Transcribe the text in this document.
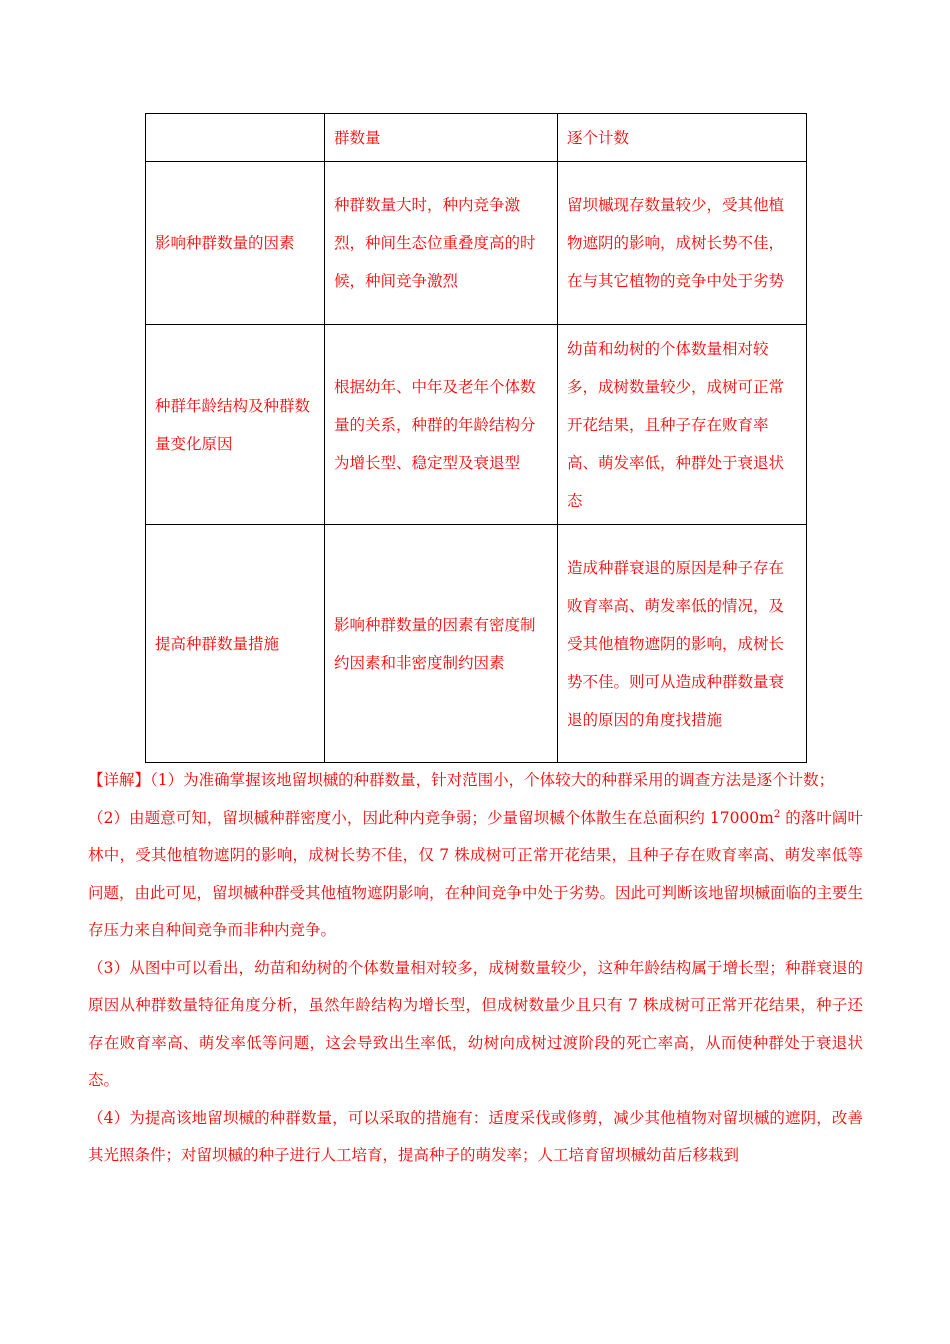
	群数量	逐个计数
影响种群数量的因素	种群数量大时，种内竞争激烈，种间生态位重叠度高的时候，种间竞争激烈	留坝槭现存数量较少，受其他植物遮阴的影响，成树长势不佳，在与其它植物的竞争中处于劣势
种群年龄结构及种群数量变化原因	根据幼年、中年及老年个体数量的关系，种群的年龄结构分为增长型、稳定型及衰退型	幼苗和幼树的个体数量相对较多，成树数量较少，成树可正常开花结果，且种子存在败育率高、萌发率低，种群处于衰退状态
提高种群数量措施	影响种群数量的因素有密度制约因素和非密度制约因素	造成种群衰退的原因是种子存在败育率高、萌发率低的情况，及受其他植物遮阴的影响，成树长势不佳。则可从造成种群数量衰退的原因的角度找措施

【详解】（1）为准确掌握该地留坝槭的种群数量，针对范围小，个体较大的种群采用的调查方法是逐个计数；

（2）由题意可知，留坝槭种群密度小，因此种内竞争弱；少量留坝槭个体散生在总面积约 $17000m^2$ 的落叶阔叶林中，受其他植物遮阴的影响，成树长势不佳，仅 7 株成树可正常开花结果，且种子存在败育率高、萌发率低等问题，由此可见，留坝槭种群受其他植物遮阴影响，在种间竞争中处于劣势。因此可判断该地留坝槭面临的主要生存压力来自种间竞争而非种内竞争。

（3）从图中可以看出，幼苗和幼树的个体数量相对较多，成树数量较少，这种年龄结构属于增长型；种群衰退的原因从种群数量特征角度分析，虽然年龄结构为增长型，但成树数量少且只有 7 株成树可正常开花结果，种子还存在败育率高、萌发率低等问题，这会导致出生率低，幼树向成树过渡阶段的死亡率高，从而使种群处于衰退状态。

（4）为提高该地留坝槭的种群数量，可以采取的措施有：适度采伐或修剪，减少其他植物对留坝槭的遮阴，改善其光照条件；对留坝槭的种子进行人工培育，提高种子的萌发率；人工培育留坝槭幼苗后移栽到
